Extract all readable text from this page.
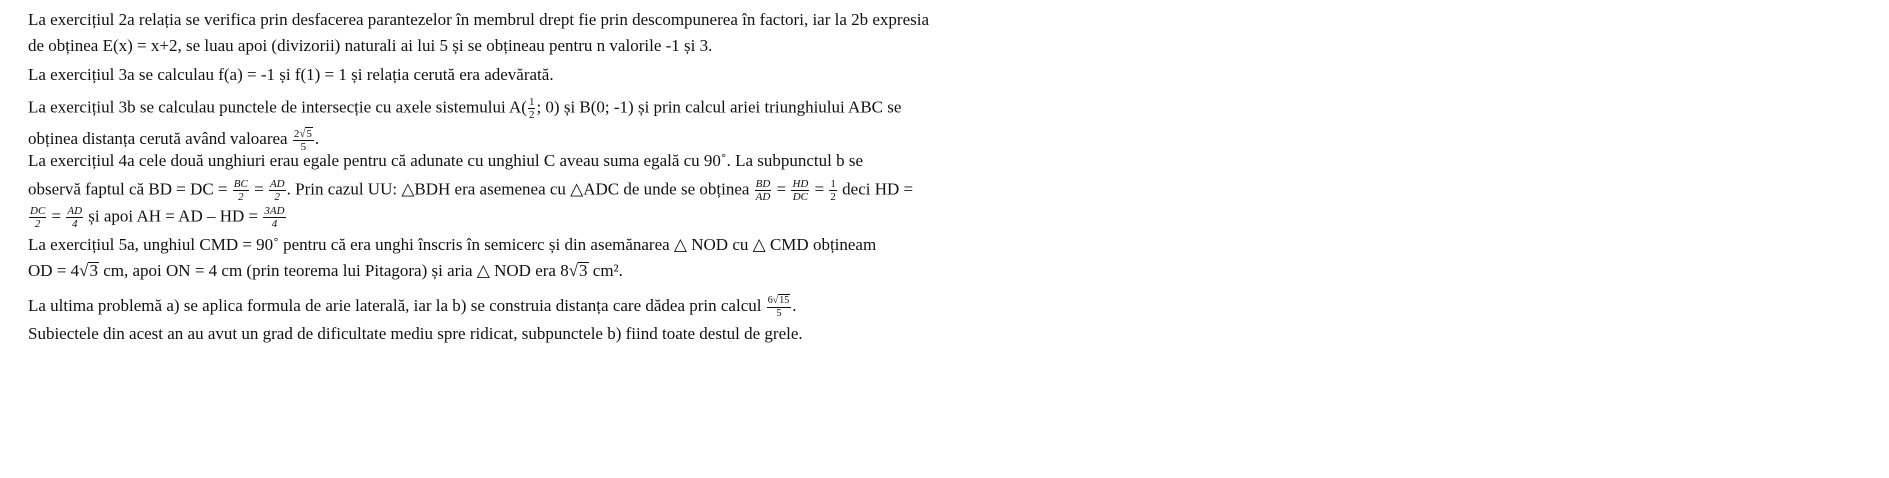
La exercițiul 2a relația se verifica prin desfacerea parantezelor în membrul drept fie prin descompunerea în factori, iar la 2b expresia
de obținea E(x) = x+2, se luau apoi (divizorii) naturali ai lui 5 și se obțineau pentru n valorile -1 și 3.
La exercițiul 3a se calculau f(a) = -1 și f(1) = 1 și relația cerută era adevărată.
La exercițiul 3b se calculau punctele de intersecție cu axele sistemului $A( \frac{1}{2}$ ; 0) și B(0; -1) și prin calcul ariei triunghiului ABC se
obținea distanța cerută având valoarea $\frac{2√5}{5}$ .
La exercițiul 4a cele două unghiuri erau egale pentru că adunate cu unghiul C aveau suma egală cu 90˚. La subpunctul b se
observă faptul că BD = DC = $\frac{BC}{2} = \frac{AD}{2}$ . Prin cazul UU: △BDH era asemenea cu △ADC de unde se obținea $\frac{BD}{AD} = \frac{HD}{DC} = \frac{1}{2}$ deci HD =
$\frac{DC}{2} = \frac{AD}{4}$ și apoi AH = AD – HD = $\frac{3AD}{4}$
La exercițiul 5a, unghiul CMD = 90˚ pentru că era unghi înscris în semicerc și din asemănarea △ NOD cu △ CMD obțineam
OD = 4√3 cm, apoi ON = 4 cm (prin teorema lui Pitagora) și aria △ NOD era 8√3 cm².
La ultima problemă a) se aplica formula de arie laterală, iar la b) se construia distanța care dădea prin calcul $\frac{6√15}{5}$ .
Subiectele din acest an au avut un grad de dificultate mediu spre ridicat, subpunctele b) fiind toate destul de grele.
